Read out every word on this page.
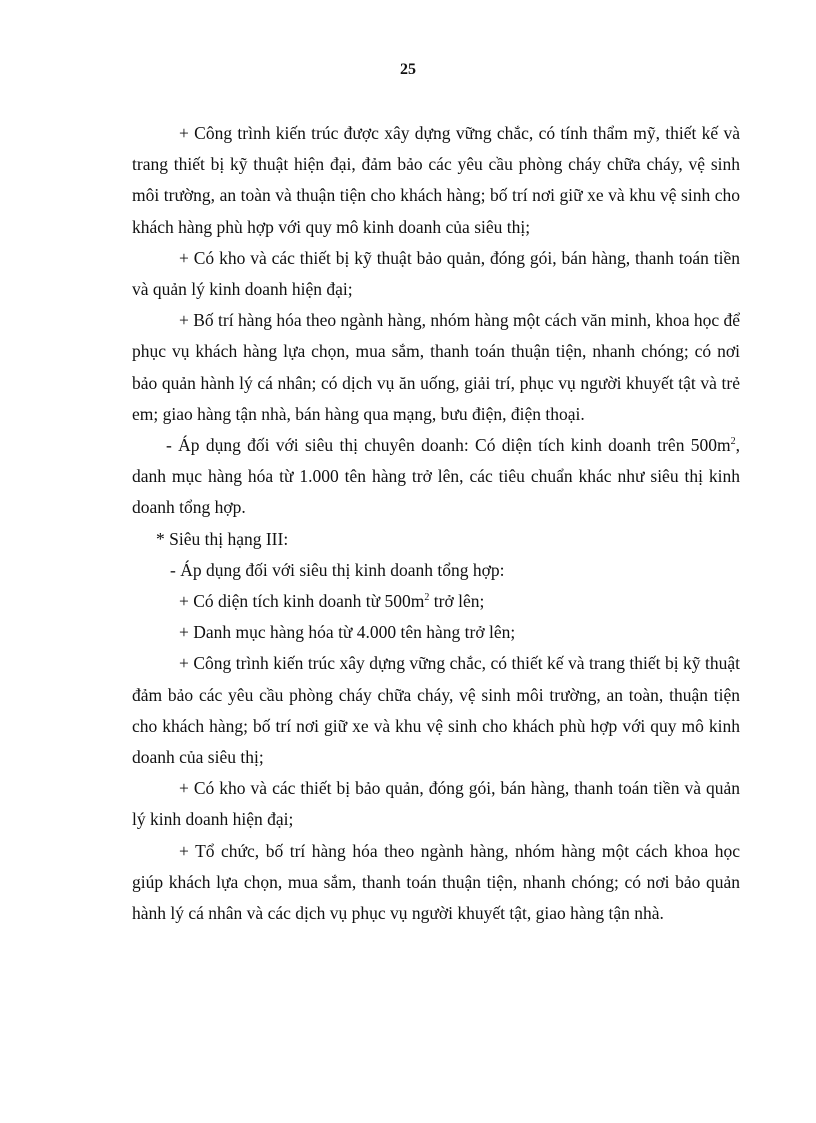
25

+ Công trình kiến trúc được xây dựng vững chắc, có tính thẩm mỹ, thiết kế và trang thiết bị kỹ thuật hiện đại, đảm bảo các yêu cầu phòng cháy chữa cháy, vệ sinh môi trường, an toàn và thuận tiện cho khách hàng; bố trí nơi giữ xe và khu vệ sinh cho khách hàng phù hợp với quy mô kinh doanh của siêu thị;

+ Có kho và các thiết bị kỹ thuật bảo quản, đóng gói, bán hàng, thanh toán tiền và quản lý kinh doanh hiện đại;

+ Bố trí hàng hóa theo ngành hàng, nhóm hàng một cách văn minh, khoa học để phục vụ khách hàng lựa chọn, mua sắm, thanh toán thuận tiện, nhanh chóng; có nơi bảo quản hành lý cá nhân; có dịch vụ ăn uống, giải trí, phục vụ người khuyết tật và trẻ em; giao hàng tận nhà, bán hàng qua mạng, bưu điện, điện thoại.

- Áp dụng đối với siêu thị chuyên doanh: Có diện tích kinh doanh trên $500m^2$, danh mục hàng hóa từ 1.000 tên hàng trở lên, các tiêu chuẩn khác như siêu thị kinh doanh tổng hợp.

* Siêu thị hạng III:

- Áp dụng đối với siêu thị kinh doanh tổng hợp:

+ Có diện tích kinh doanh từ $500m^2$ trở lên;

+ Danh mục hàng hóa từ 4.000 tên hàng trở lên;

+ Công trình kiến trúc xây dựng vững chắc, có thiết kế và trang thiết bị kỹ thuật đảm bảo các yêu cầu phòng cháy chữa cháy, vệ sinh môi trường, an toàn, thuận tiện cho khách hàng; bố trí nơi giữ xe và khu vệ sinh cho khách phù hợp với quy mô kinh doanh của siêu thị;

+ Có kho và các thiết bị bảo quản, đóng gói, bán hàng, thanh toán tiền và quản lý kinh doanh hiện đại;

+ Tổ chức, bố trí hàng hóa theo ngành hàng, nhóm hàng một cách khoa học giúp khách lựa chọn, mua sắm, thanh toán thuận tiện, nhanh chóng; có nơi bảo quản hành lý cá nhân và các dịch vụ phục vụ người khuyết tật, giao hàng tận nhà.
